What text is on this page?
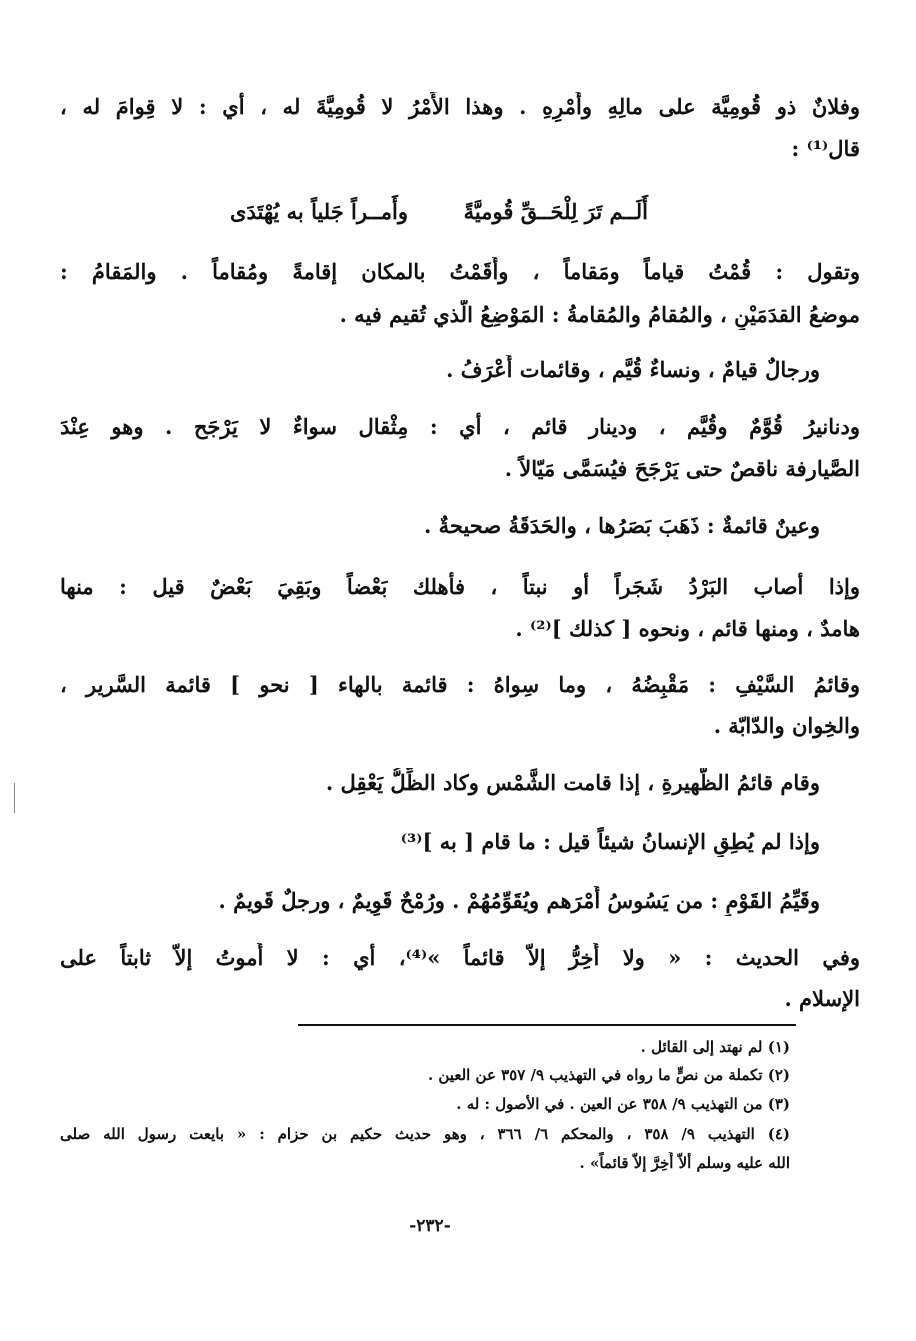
وفلانٌ ذو قُومِيَّة على مالِهِ وأَمْرِهِ . وهذا الأَمْرُ لا قُومِيَّةَ له ، أي : لا قِوامَ له ،
قال⁽¹⁾ :
أَلَــم تَرَ لِلْحَــقِّ قُوميَّةً
وأَمــراً جَلياً به يُهْتَدَى
وتقول : قُمْتُ قياماً ومَقاماً ، وأَقَمْتُ بالمكان إقامةً ومُقاماً . والمَقامُ :
موضعُ القدَمَيْنِ ، والمُقامُ والمُقامةُ : المَوْضِعُ الّذي تُقيم فيه .
ورجالٌ قيامٌ ، ونساءٌ قُيَّم ، وقائمات أَعْرَفُ .
ودنانيرُ قُوَّمٌ وقُيَّم ، ودينار قائم ، أي : مِثْقال سواءٌ لا يَرْجَح . وهو عِنْدَ
الصَّيارفة ناقصٌ حتى يَرْجَحَ فيُسَمَّى مَيّالاً .
وعينٌ قائمةٌ : ذَهَبَ بَصَرُها ، والحَدَقَةُ صحيحةٌ .
وإذا أصاب البَرْدُ شَجَراً أو نبتاً ، فأهلك بَعْضاً وبَقِيَ بَعْضٌ قيل : منها
هامدٌ ، ومنها قائم ، ونحوه [ كذلك ]⁽²⁾ .
وقائمُ السَّيْفِ : مَقْبِضُهُ ، وما سِواهُ : قائمة بالهاء [ نحو ] قائمة السَّرير ،
والخِوان والدّابّة .
وقام قائمُ الظَّهيرةِ ، إذا قامت الشَّمْس وكاد الظِّلُّ يَعْقِل .
وإذا لم يُطِقِ الإنسانُ شيئاً قيل : ما قام [ به ]⁽³⁾
وقَيِّمُ القَوْمِ : من يَسُوسُ أَمْرَهم ويُقَوِّمُهُمْ . ورُمْحٌ قَوِيمٌ ، ورجلٌ قَويمٌ .
وفي الحديث : « ولا أَخِرُّ إلاّ قائماً »⁽⁴⁾، أي : لا أَموتُ إلاّ ثابتاً على
الإسلام .
(١) لم نهتد إلى القائل .
(٢) تكملة من نصٍّ ما رواه في التهذيب ٩/ ٣٥٧ عن العين .
(٣) من التهذيب ٩/ ٣٥٨ عن العين . في الأصول : له .
(٤) التهذيب ٩/ ٣٥٨ ، والمحكم ٦/ ٣٦٦ ، وهو حديث حكيم بن حزام : « بايعت رسول الله صلى
الله عليه وسلم ألاّ أَخِرَّ إلاّ قائماً» .
-٢٣٢-
